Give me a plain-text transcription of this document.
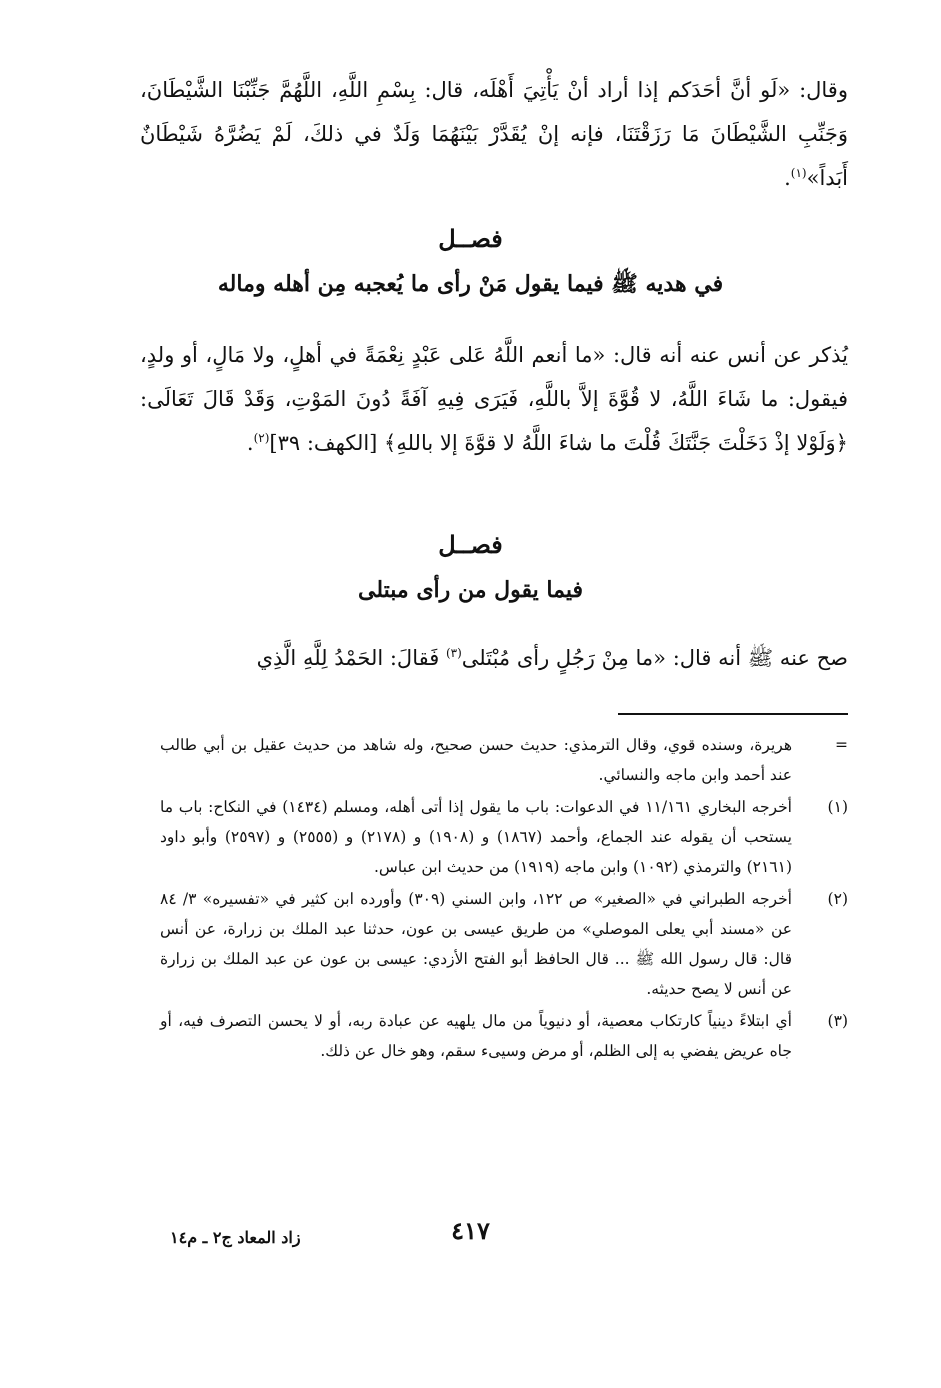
وقال: «لَو أنَّ أحَدَكم إذا أراد أنْ يَأْتِيَ أَهْلَه، قال: بِسْمِ اللَّهِ، اللَّهُمَّ جَنِّبْنَا الشَّيْطَانَ، وَجَنِّبِ الشَّيْطَانَ مَا رَزَقْتَنَا، فإنه إنْ يُقَدَّرْ بَيْنَهُمَا وَلَدٌ في ذلكَ، لَمْ يَضُرَّهُ شَيْطَانٌ أَبَداً»$^{(١)}$.
فصــل
في هديه ﷺ فيما يقول مَنْ رأى ما يُعجبه مِن أهله وماله
يُذكر عن أنس عنه أنه قال: «ما أنعم اللَّهُ عَلى عَبْدٍ نِعْمَةً في أهلٍ، ولا مَالٍ، أو ولدٍ، فيقول: ما شَاءَ اللَّهُ، لا قُوَّةَ إلاَّ باللَّهِ، فَيَرَى فِيهِ آفَةً دُونَ المَوْتِ، وَقَدْ قَالَ تَعَالَى: ﴿وَلَوْلا إذْ دَخَلْتَ جَنَّتَكَ قُلْتَ ما شاءَ اللَّهُ لا قوَّةَ إلا باللهِ﴾ [الكهف: ٣٩]$^{(٢)}$.
فصــل
فيما يقول من رأى مبتلى
صح عنه ﷺ أنه قال: «ما مِنْ رَجُلٍ رأى مُبْتَلى$^{(٣)}$ فَقالَ: الحَمْدُ لِلَّهِ الَّذِي
=
هريرة، وسنده قوي، وقال الترمذي: حديث حسن صحيح، وله شاهد من حديث عقيل بن أبي طالب عند أحمد وابن ماجه والنسائي.
(١)
أخرجه البخاري ١١/١٦١ في الدعوات: باب ما يقول إذا أتى أهله، ومسلم (١٤٣٤) في النكاح: باب ما يستحب أن يقوله عند الجماع، وأحمد (١٨٦٧) و (١٩٠٨) و (٢١٧٨) و (٢٥٥٥) و (٢٥٩٧) وأبو داود (٢١٦١) والترمذي (١٠٩٢) وابن ماجه (١٩١٩) من حديث ابن عباس.
(٢)
أخرجه الطبراني في «الصغير» ص ١٢٢، وابن السني (٣٠٩) وأورده ابن كثير في «تفسيره» ٣/ ٨٤ عن «مسند أبي يعلى الموصلي» من طريق عيسى بن عون، حدثنا عبد الملك بن زرارة، عن أنس قال: قال رسول الله ﷺ ... قال الحافظ أبو الفتح الأزدي: عيسى بن عون عن عبد الملك بن زرارة عن أنس لا يصح حديثه.
(٣)
أي ابتلاءً دينياً كارتكاب معصية، أو دنيوياً من مال يلهيه عن عبادة ربه، أو لا يحسن التصرف فيه، أو جاه عريض يفضي به إلى الظلم، أو مرض وسيىء سقم، وهو خال عن ذلك.
٤١٧
زاد المعاد ج٢ ـ م١٤
